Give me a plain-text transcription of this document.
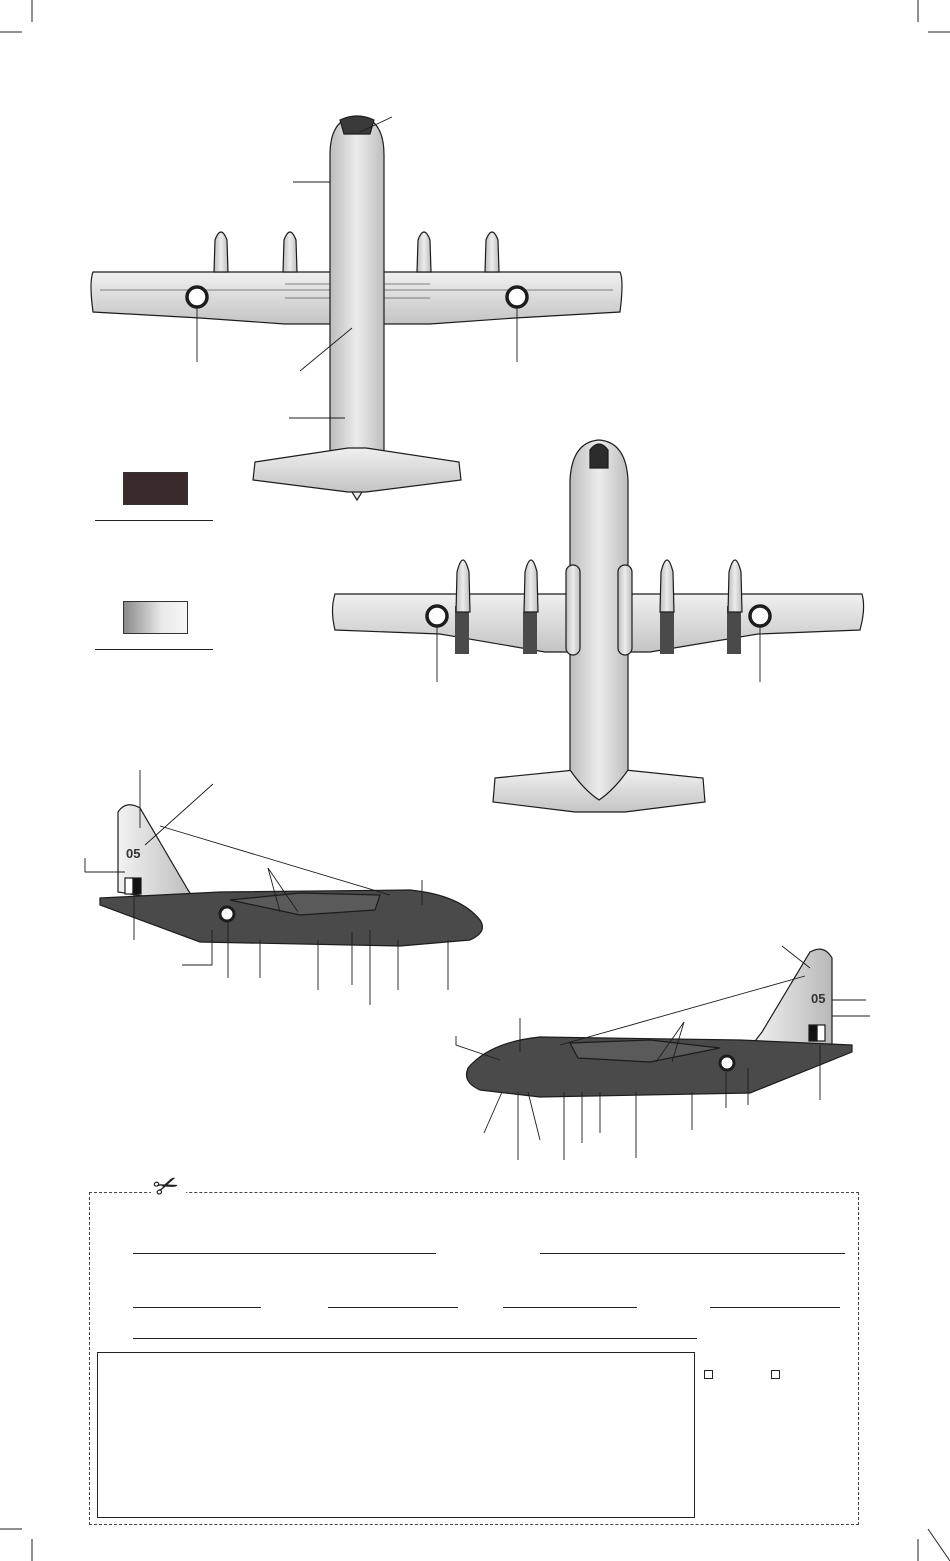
05
05
✂
